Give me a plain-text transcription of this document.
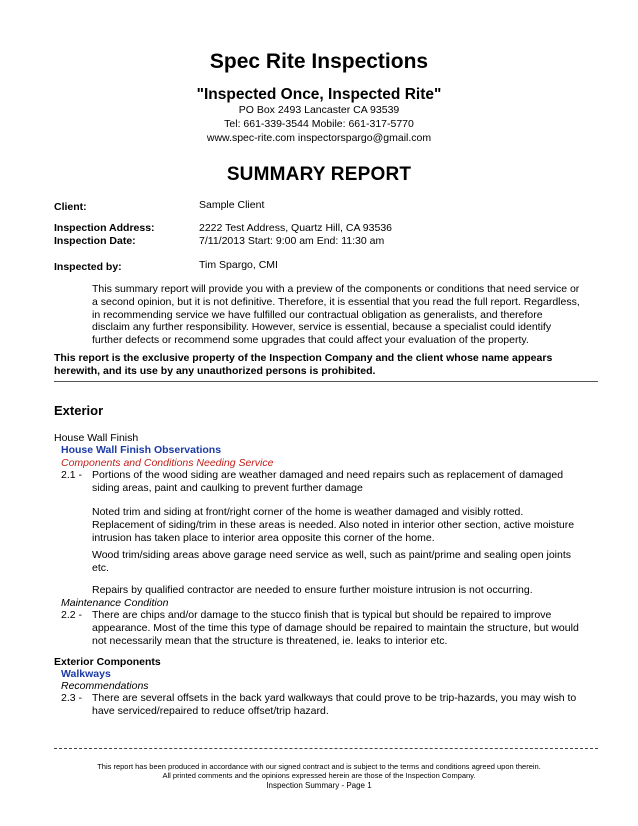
Spec Rite Inspections
"Inspected Once, Inspected Rite"
PO Box 2493 Lancaster CA 93539
Tel: 661-339-3544 Mobile: 661-317-5770
www.spec-rite.com inspectorspargo@gmail.com
SUMMARY REPORT
Client:	Sample Client
Inspection Address:	2222 Test Address, Quartz Hill, CA 93536
Inspection Date:	7/11/2013 Start: 9:00 am End: 11:30 am
Inspected by:	Tim Spargo, CMI
This summary report will provide you with a preview of the components or conditions that need service or
a second opinion, but it is not definitive. Therefore, it is essential that you read the full report. Regardless,
in recommending service we have fulfilled our contractual obligation as generalists, and therefore
disclaim any further responsibility. However, service is essential, because a specialist could identify
further defects or recommend some upgrades that could affect your evaluation of the property.
This report is the exclusive property of the Inspection Company and the client whose name appears
herewith, and its use by any unauthorized persons is prohibited.
Exterior
House Wall Finish
House Wall Finish Observations
Components and Conditions Needing Service
2.1 - Portions of the wood siding are weather damaged and need repairs such as replacement of damaged
siding areas, paint and caulking to prevent further damage
Noted trim and siding at front/right corner of the home is weather damaged and visibly rotted.
Replacement of siding/trim in these areas is needed. Also noted in interior other section, active moisture
intrusion has taken place to interior area opposite this corner of the home.
Wood trim/siding areas above garage need service as well, such as paint/prime and sealing open joints
etc.
Repairs by qualified contractor are needed to ensure further moisture intrusion is not occurring.
Maintenance Condition
2.2 - There are chips and/or damage to the stucco finish that is typical but should be repaired to improve
appearance. Most of the time this type of damage should be repaired to maintain the structure, but would
not necessarily mean that the structure is threatened, ie. leaks to interior etc.
Exterior Components
Walkways
Recommendations
2.3 - There are several offsets in the back yard walkways that could prove to be trip-hazards, you may wish to
have serviced/repaired to reduce offset/trip hazard.
This report has been produced in accordance with our signed contract and is subject to the terms and conditions agreed upon therein.
All printed comments and the opinions expressed herein are those of the Inspection Company.
Inspection Summary - Page 1
